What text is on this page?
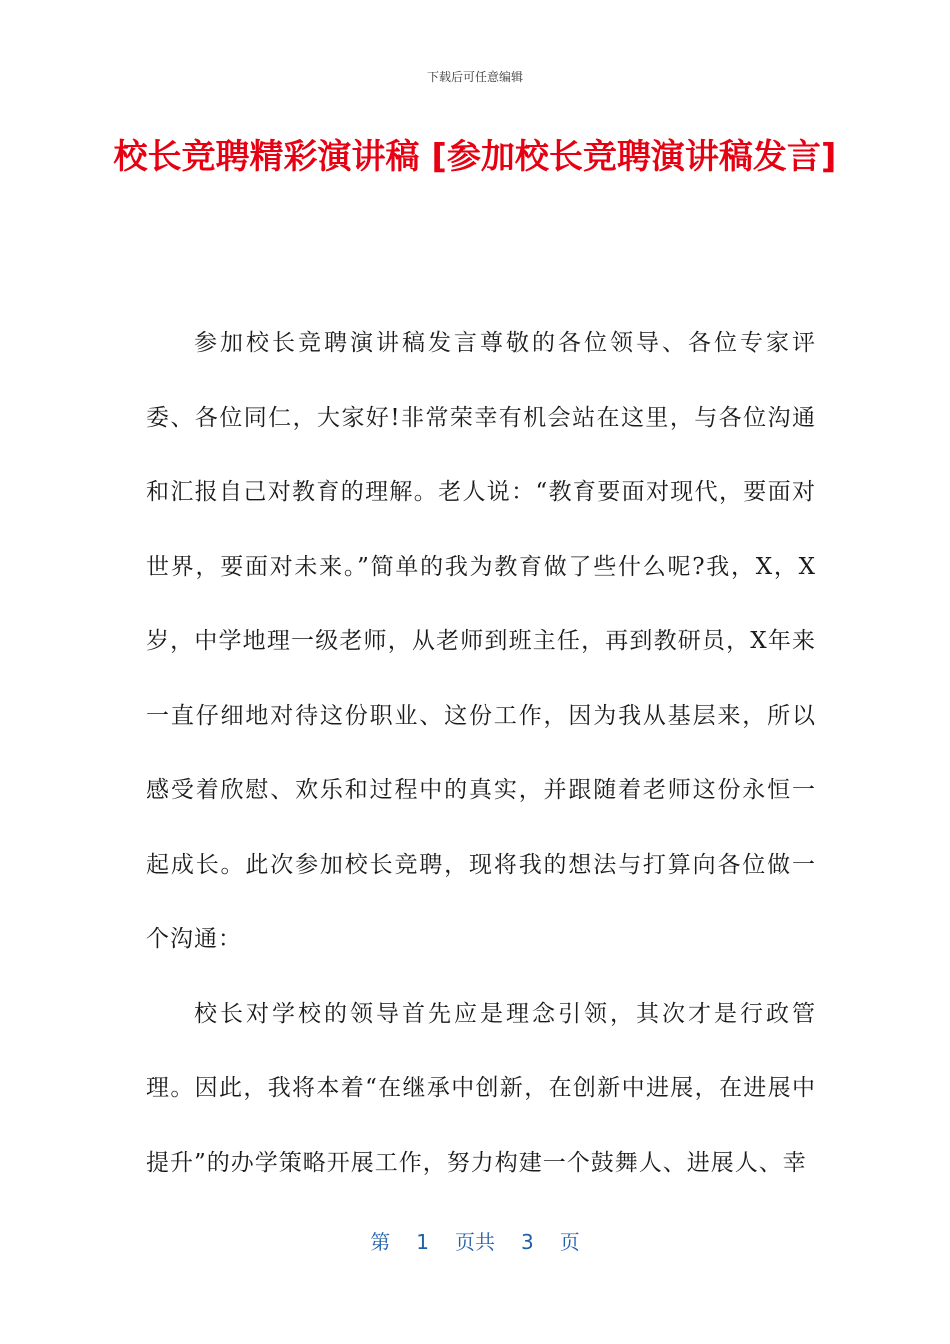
下载后可任意编辑
校长竞聘精彩演讲稿 [参加校长竞聘演讲稿发言]

参加校长竞聘演讲稿发言尊敬的各位领导、各位专家评委、各位同仁，大家好!非常荣幸有机会站在这里，与各位沟通和汇报自己对教育的理解。老人说：“教育要面对现代，要面对世界，要面对未来。”简单的我为教育做了些什么呢?我，X，X岁，中学地理一级老师，从老师到班主任，再到教研员，X年来一直仔细地对待这份职业、这份工作，因为我从基层来，所以感受着欣慰、欢乐和过程中的真实，并跟随着老师这份永恒一起成长。此次参加校长竞聘，现将我的想法与打算向各位做一个沟通：

校长对学校的领导首先应是理念引领，其次才是行政管理。因此，我将本着“在继承中创新，在创新中进展，在进展中提升”的办学策略开展工作，努力构建一个鼓舞人、进展人、幸

第 1 页共 3 页
